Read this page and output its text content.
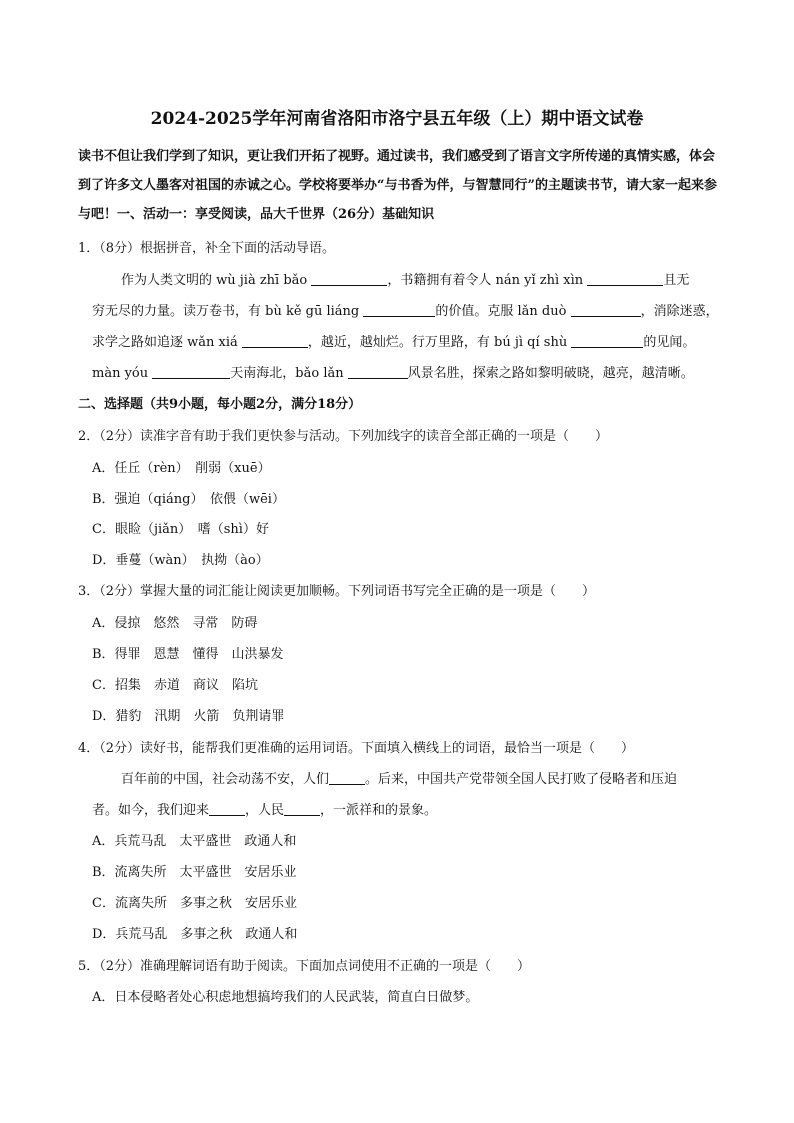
2024-2025学年河南省洛阳市洛宁县五年级（上）期中语文试卷
读书不但让我们学到了知识，更让我们开拓了视野。通过读书，我们感受到了语言文字所传递的真情实感，体会到了许多文人墨客对祖国的赤诚之心。学校将要举办“与书香为伴，与智慧同行”的主题读书节，请大家一起来参与吧！一、活动一：享受阅读，品大千世界（26分）基础知识
1．（8分）根据拼音，补全下面的活动导语。
作为人类文明的 wù jià zhī bǎo	，书籍拥有着令人 nán yǐ zhì xìn	且无
穷无尽的力量。读万卷书，有 bù kě gū liáng	的价值。克服 lǎn duò	，消除迷惑，
求学之路如追逐 wǎn xiá	，越近，越灿烂。行万里路，有 bú jì qí shù	的见闻。
màn yóu	天南海北，bǎo lǎn	风景名胜，探索之路如黎明破晓，越亮，越清晰。
二、选择题（共9小题，每小题2分，满分18分）
2．（2分）读准字音有助于我们更快参与活动。下列加线字的读音全部正确的一项是（　　）
A．任丘（rèn）　削弱（xuē）
B．强迫（qiáng）　依偎（wēi）
C．眼睑（jiǎn）　嗜（shì）好
D．垂蔓（wàn）　执拗（ào）
3．（2分）掌握大量的词汇能让阅读更加顺畅。下列词语书写完全正确的是一项是（　　）
A．侵掠　悠然　寻常　防碍
B．得罪　恩慧　懂得　山洪暴发
C．招集　赤道　商议　陷坑
D．猎豹　汛期　火箭　负荆请罪
4．（2分）读好书，能帮我们更准确的运用词语。下面填入横线上的词语，最恰当一项是（　　）
百年前的中国，社会动荡不安，人们	。后来，中国共产党带领全国人民打败了侵略者和压迫
者。如今，我们迎来	，人民	，一派祥和的景象。
A．兵荒马乱　太平盛世　政通人和
B．流离失所　太平盛世　安居乐业
C．流离失所　多事之秋　安居乐业
D．兵荒马乱　多事之秋　政通人和
5．（2分）准确理解词语有助于阅读。下面加点词使用不正确的一项是（　　）
A．日本侵略者处心积虑地想搞垮我们的人民武装，简直白日做梦。
